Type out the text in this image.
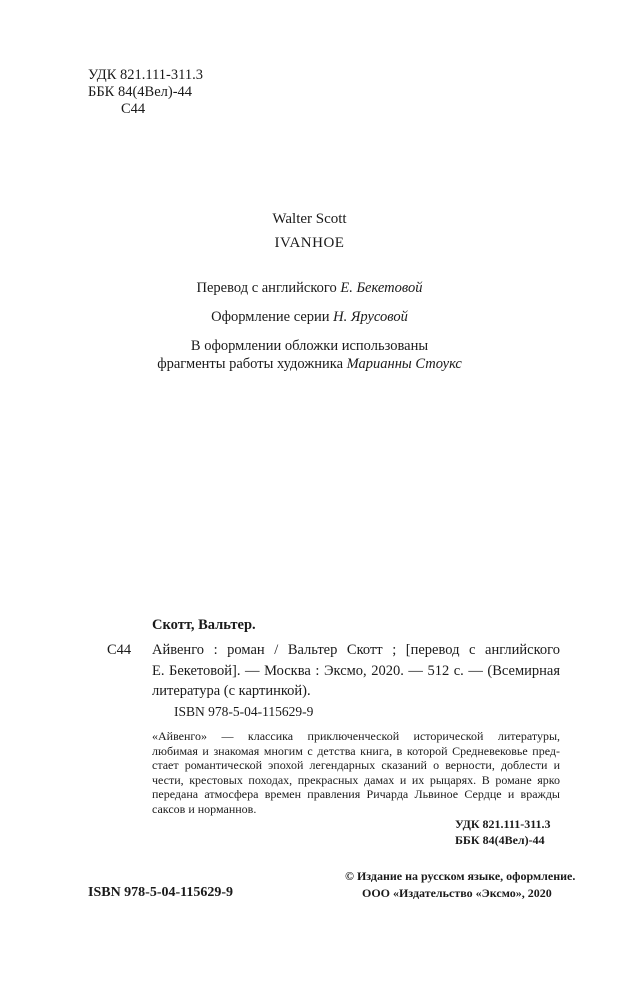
УДК 821.111-311.3
ББК 84(4Вел)-44
С44
Walter Scott
IVANHOE
Перевод с английского Е. Бекетовой
Оформление серии Н. Ярусовой
В оформлении обложки использованы
фрагменты работы художника Марианны Стоукс
Скотт, Вальтер.
С44 Айвенго : роман / Вальтер Скотт ; [перевод с английского
Е. Бекетовой]. — Москва : Эксмо, 2020. — 512 с. — (Всемирная
литература (с картинкой).
ISBN 978-5-04-115629-9
«Айвенго» — классика приключенческой исторической литературы,
любимая и знакомая многим с детства книга, в которой Средневековье пред-
стает романтической эпохой легендарных сказаний о верности, доблести и
чести, крестовых походах, прекрасных дамах и их рыцарях. В романе ярко
передана атмосфера времен правления Ричарда Львиное Сердце и вражды
саксов и норманнов.
УДК 821.111-311.3
ББК 84(4Вел)-44
ISBN 978-5-04-115629-9
© Издание на русском языке, оформление.
ООО «Издательство «Эксмо», 2020
